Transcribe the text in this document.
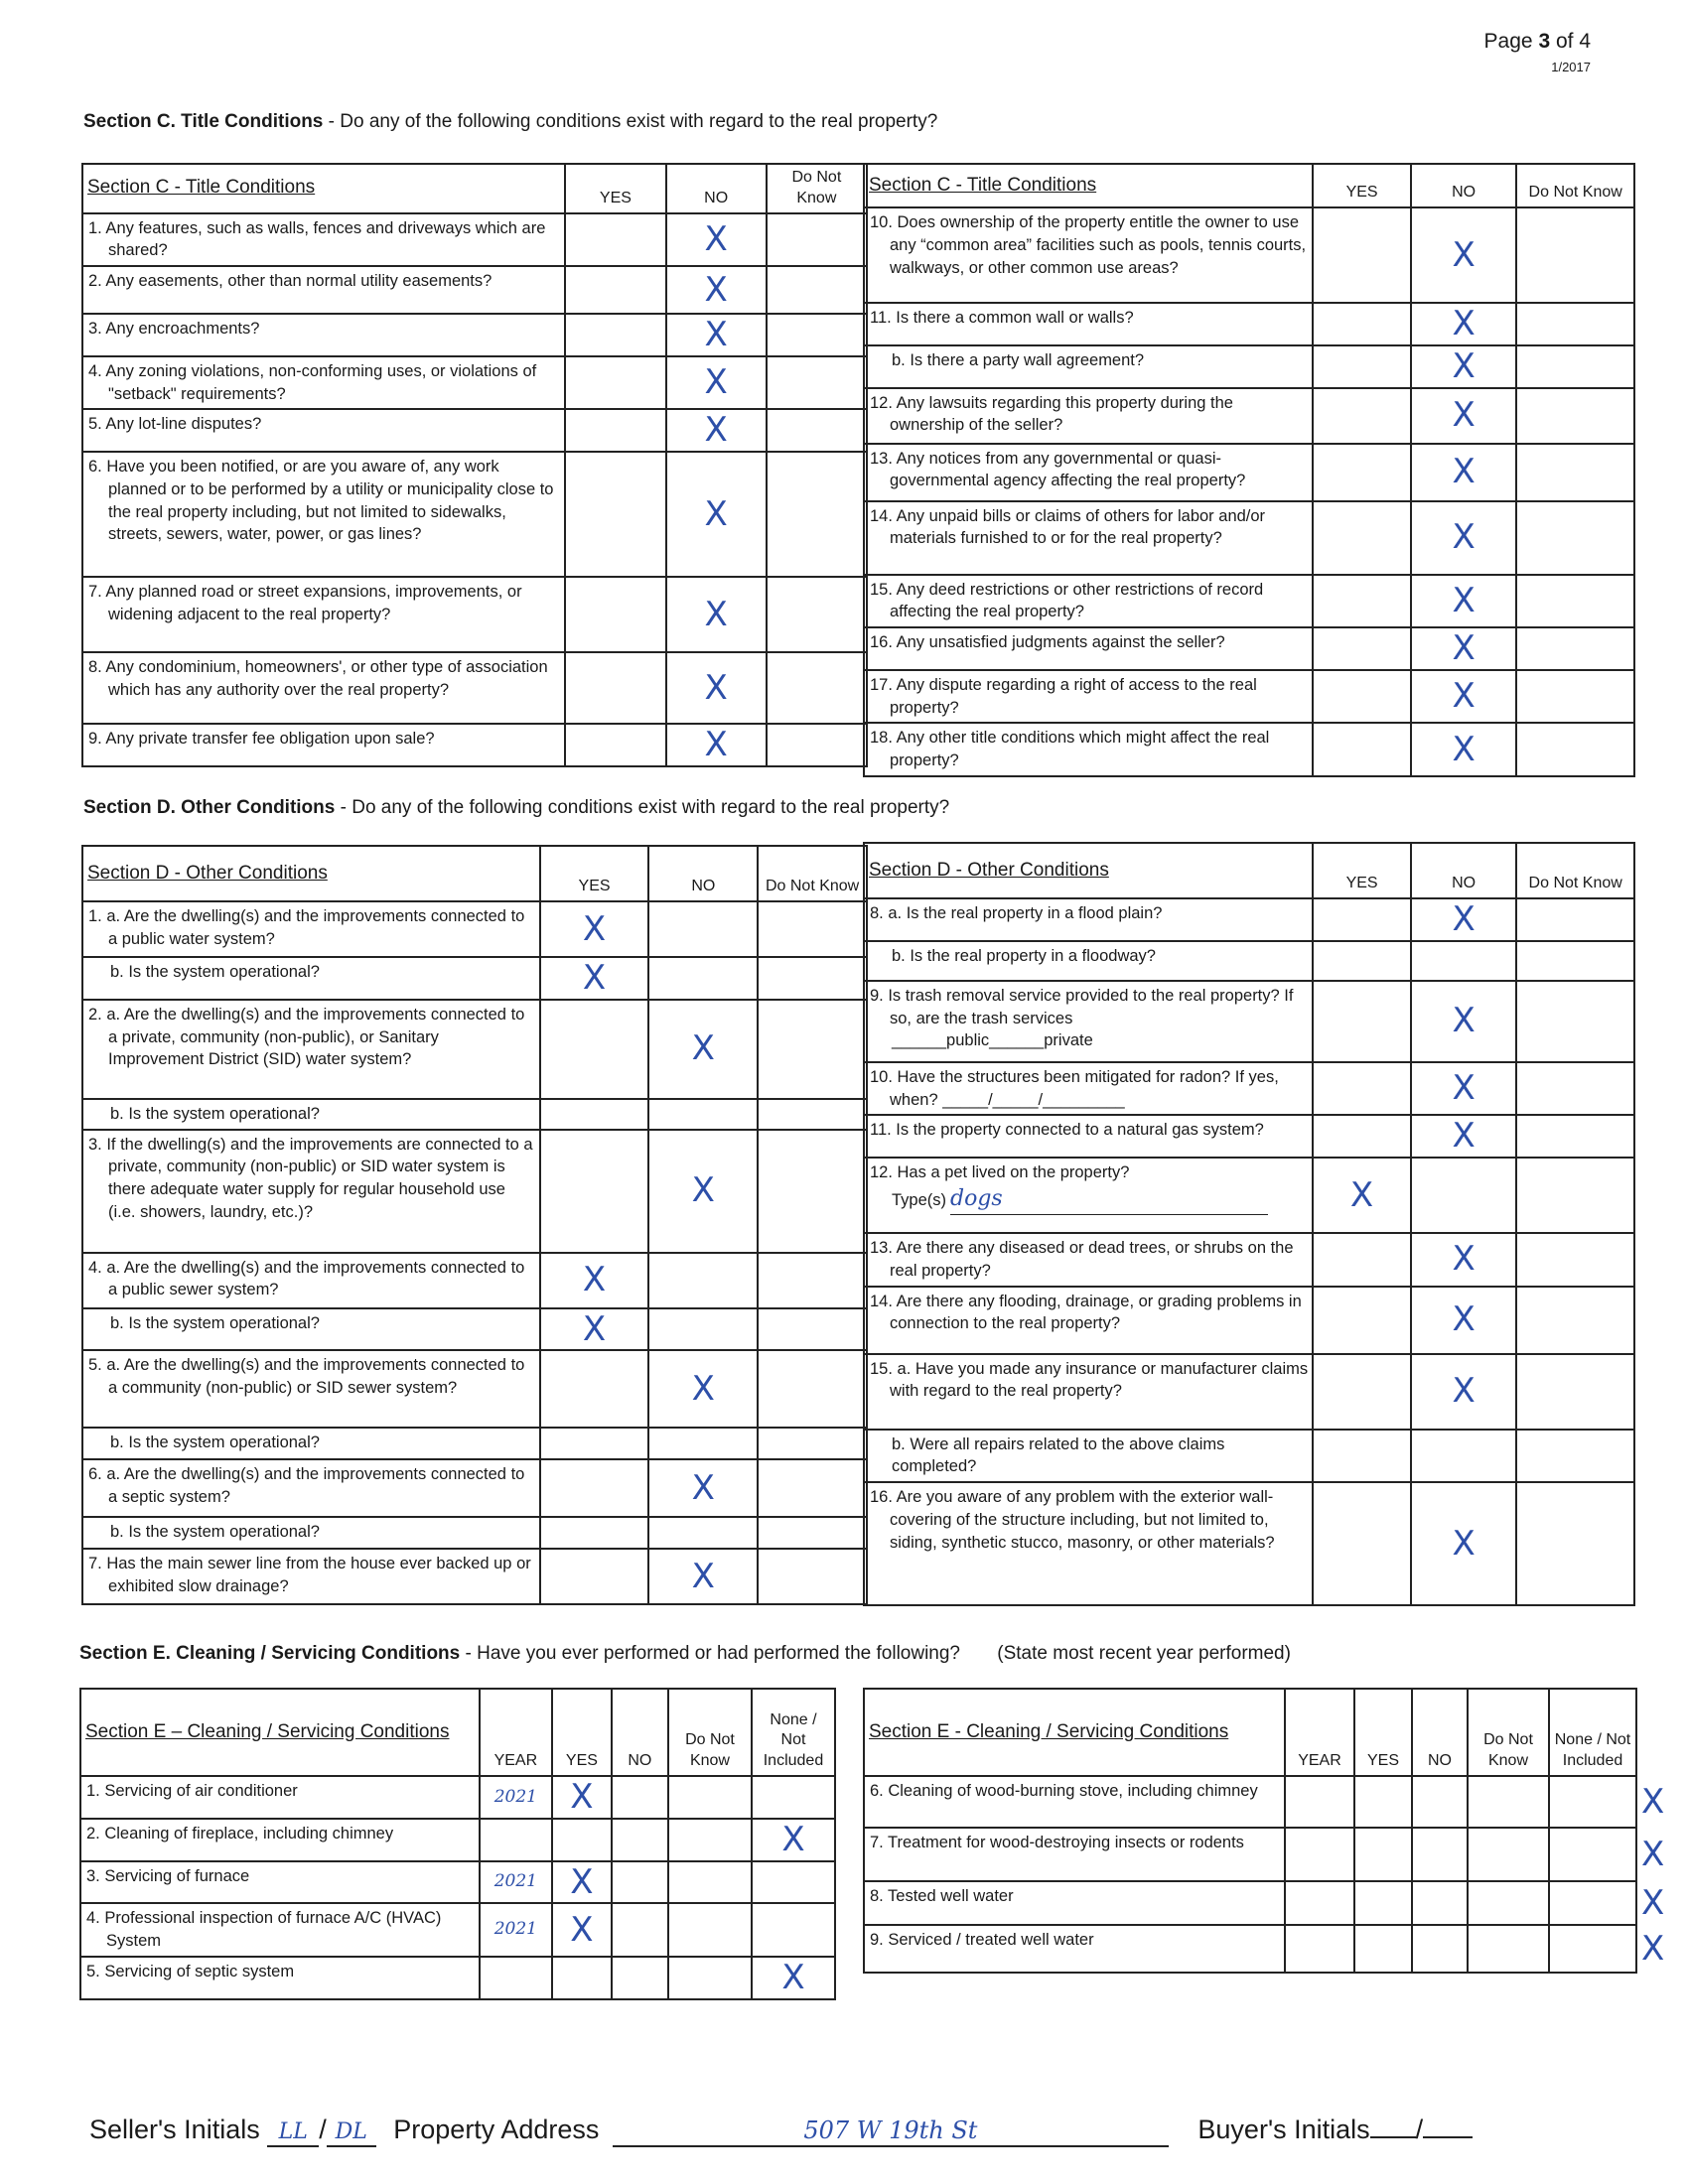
Page 3 of 4
1/2017
Section C. Title Conditions - Do any of the following conditions exist with regard to the real property?
Section C - Title Conditions	YES	NO	Do Not Know

1. Any features, such as walls, fences and driveways which are shared?		X	

2. Any easements, other than normal utility easements?		X	

3. Any encroachments?		X	

4. Any zoning violations, non-conforming uses, or violations of "setback" requirements?		X	

5. Any lot-line disputes?		X	

6. Have you been notified, or are you aware of, any work planned or to be performed by a utility or municipality close to the real property including, but not limited to sidewalks, streets, sewers, water, power, or gas lines?		X	

7. Any planned road or street expansions, improvements, or widening adjacent to the real property?		X	

8. Any condominium, homeowners', or other type of association which has any authority over the real property?		X	

9. Any private transfer fee obligation upon sale?		X	
Section C - Title Conditions	YES	NO	Do Not Know

10. Does ownership of the property entitle the owner to use any “common area” facilities such as pools, tennis courts, walkways, or other common use areas?		X	

11. Is there a common wall or walls?		X	

b. Is there a party wall agreement?		X	

12. Any lawsuits regarding this property during the ownership of the seller?		X	

13. Any notices from any governmental or quasi-governmental agency affecting the real property?		X	

14. Any unpaid bills or claims of others for labor and/or materials furnished to or for the real property?		X	

15. Any deed restrictions or other restrictions of record affecting the real property?		X	

16. Any unsatisfied judgments against the seller?		X	

17. Any dispute regarding a right of access to the real property?		X	

18. Any other title conditions which might affect the real property?		X	
Section D. Other Conditions - Do any of the following conditions exist with regard to the real property?
Section D - Other Conditions	YES	NO	Do Not Know

1. a. Are the dwelling(s) and the improvements connected to a public water system?	X		

b. Is the system operational?	X		

2. a. Are the dwelling(s) and the improvements connected to a private, community (non-public), or Sanitary Improvement District (SID) water system?		X	

b. Is the system operational?			

3. If the dwelling(s) and the improvements are connected to a private, community (non-public) or SID water system is there adequate water supply for regular household use (i.e. showers, laundry, etc.)?		X	

4. a. Are the dwelling(s) and the improvements connected to a public sewer system?	X		

b. Is the system operational?	X		

5. a. Are the dwelling(s) and the improvements connected to a community (non-public) or SID sewer system?		X	

b. Is the system operational?			

6. a. Are the dwelling(s) and the improvements connected to a septic system?		X	

b. Is the system operational?			

7. Has the main sewer line from the house ever backed up or exhibited slow drainage?		X	
Section D - Other Conditions	YES	NO	Do Not Know

8. a. Is the real property in a flood plain?		X	

b. Is the real property in a floodway?			

9. Is trash removal service provided to the real property? If so, are the trash services
______public______private		X	

10. Have the structures been mitigated for radon? If yes, when? _____/_____/_________		X	

11. Is the property connected to a natural gas system?		X	

12. Has a pet lived on the property?
Type(s) dogs	X		

13. Are there any diseased or dead trees, or shrubs on the real property?		X	

14. Are there any flooding, drainage, or grading problems in connection to the real property?		X	

15. a. Have you made any insurance or manufacturer claims with regard to the real property?		X	

b. Were all repairs related to the above claims completed?			

16. Are you aware of any problem with the exterior wall-covering of the structure including, but not limited to, siding, synthetic stucco, masonry, or other materials?		X	
Section E. Cleaning / Servicing Conditions - Have you ever performed or had performed the following? (State most recent year performed)
Section E – Cleaning / Servicing Conditions	YEAR	YES	NO	Do Not Know	None / Not Included

1. Servicing of air conditioner	2021	X			

2. Cleaning of fireplace, including chimney					X

3. Servicing of furnace	2021	X			

4. Professional inspection of furnace A/C (HVAC) System	2021	X			

5. Servicing of septic system					X
Section E - Cleaning / Servicing Conditions	YEAR	YES	NO	Do Not Know	None / Not Included	

6. Cleaning of wood-burning stove, including chimney						X

7. Treatment for wood-destroying insects or rodents						X

8. Tested well water						X

9. Serviced / treated well water						X
Seller's Initials LL / DL Property Address	507 W 19th St	Buyer's Initials /
